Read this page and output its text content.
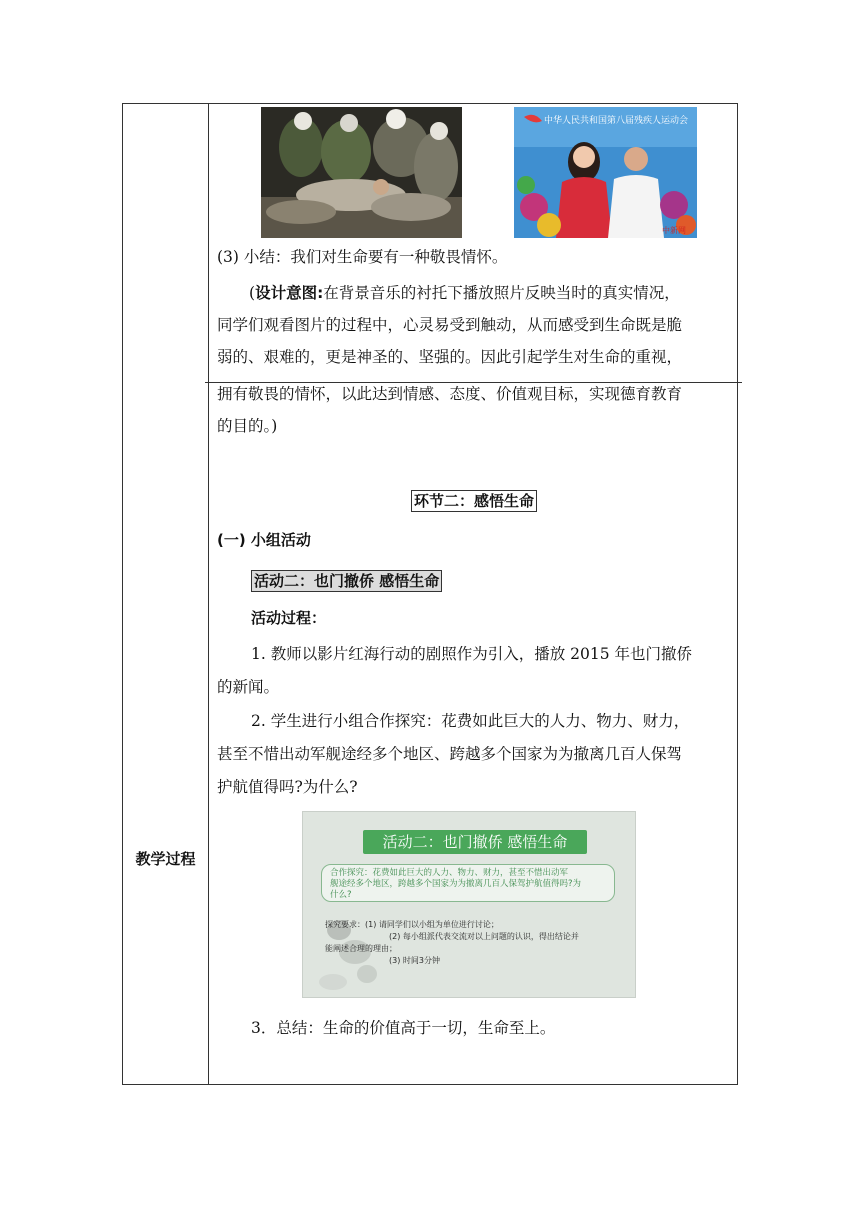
教学过程
中华人民共和国第八届残疾人运动会
中新网
(3) 小结：我们对生命要有一种敬畏情怀。
(设计意图:在背景音乐的衬托下播放照片反映当时的真实情况，
同学们观看图片的过程中，心灵易受到触动，从而感受到生命既是脆
弱的、艰难的，更是神圣的、坚强的。因此引起学生对生命的重视，
拥有敬畏的情怀，以此达到情感、态度、价值观目标，实现德育教育
的目的。)
环节二：感悟生命
(一) 小组活动
活动二：也门撤侨 感悟生命
活动过程：
1. 教师以影片红海行动的剧照作为引入，播放 2015 年也门撤侨
的新闻。
2. 学生进行小组合作探究：花费如此巨大的人力、物力、财力，
甚至不惜出动军舰途经多个地区、跨越多个国家为为撤离几百人保驾
护航值得吗?为什么?
活动二：也门撤侨 感悟生命
合作探究：花费如此巨大的人力、物力、财力，甚至不惜出动军
舰途经多个地区，跨越多个国家为为撤离几百人保驾护航值得吗?为
什么?
探究要求：(1) 请同学们以小组为单位进行讨论；
(2) 每小组派代表交流对以上问题的认识，得出结论并
能阐述合理的理由；
(3) 时间3分钟
3．总结：生命的价值高于一切，生命至上。
